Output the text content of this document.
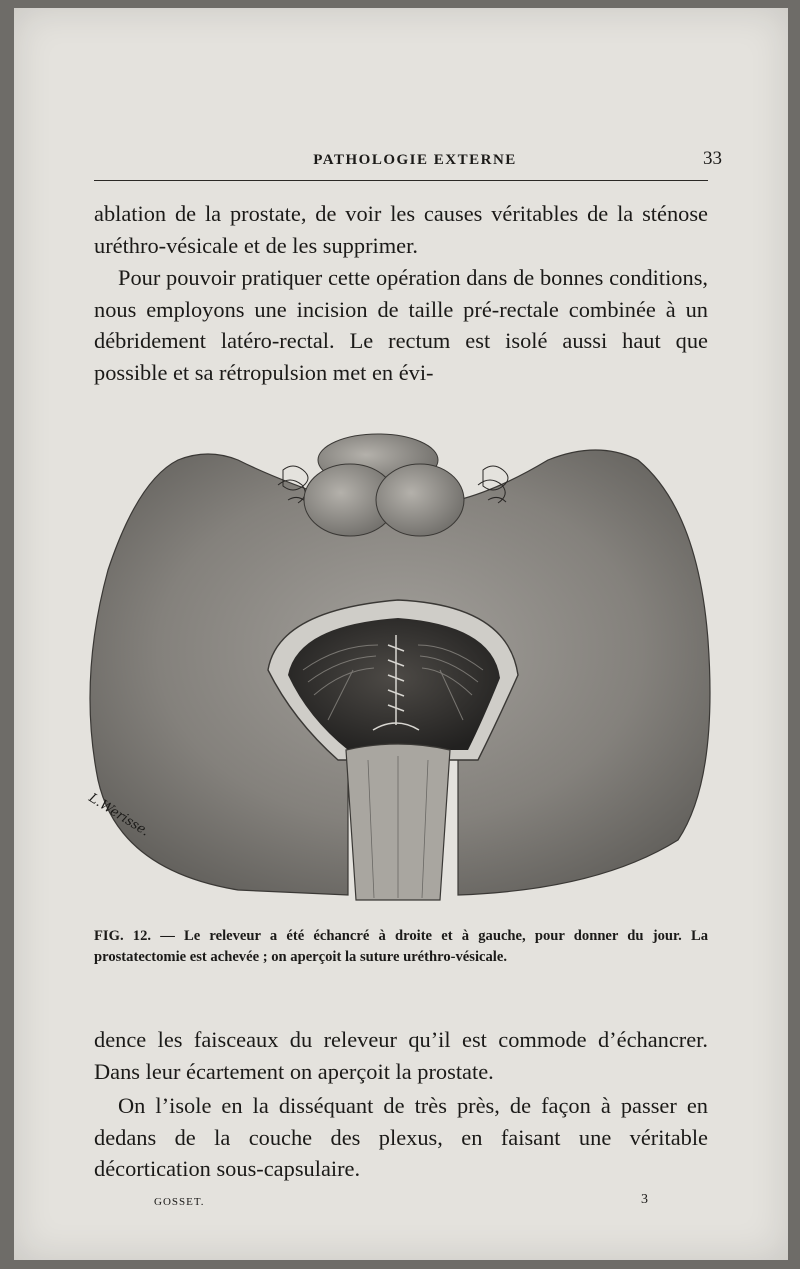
PATHOLOGIE EXTERNE	33

ablation de la prostate, de voir les causes véritables de la sténose uréthro-vésicale et de les supprimer.

Pour pouvoir pratiquer cette opération dans de bonnes conditions, nous employons une incision de taille pré-rectale combinée à un débridement latéro-rectal. Le rectum est isolé aussi haut que possible et sa rétropulsion met en évi-

L.Werisse.
FIG. 12. — Le releveur a été échancré à droite et à gauche, pour donner du jour. La prostatectomie est achevée ; on aperçoit la suture uréthro-vésicale.

dence les faisceaux du releveur qu’il est commode d’échancrer. Dans leur écartement on aperçoit la prostate.

On l’isole en la disséquant de très près, de façon à passer en dedans de la couche des plexus, en faisant une véritable décortication sous-capsulaire.

GOSSET.	3
